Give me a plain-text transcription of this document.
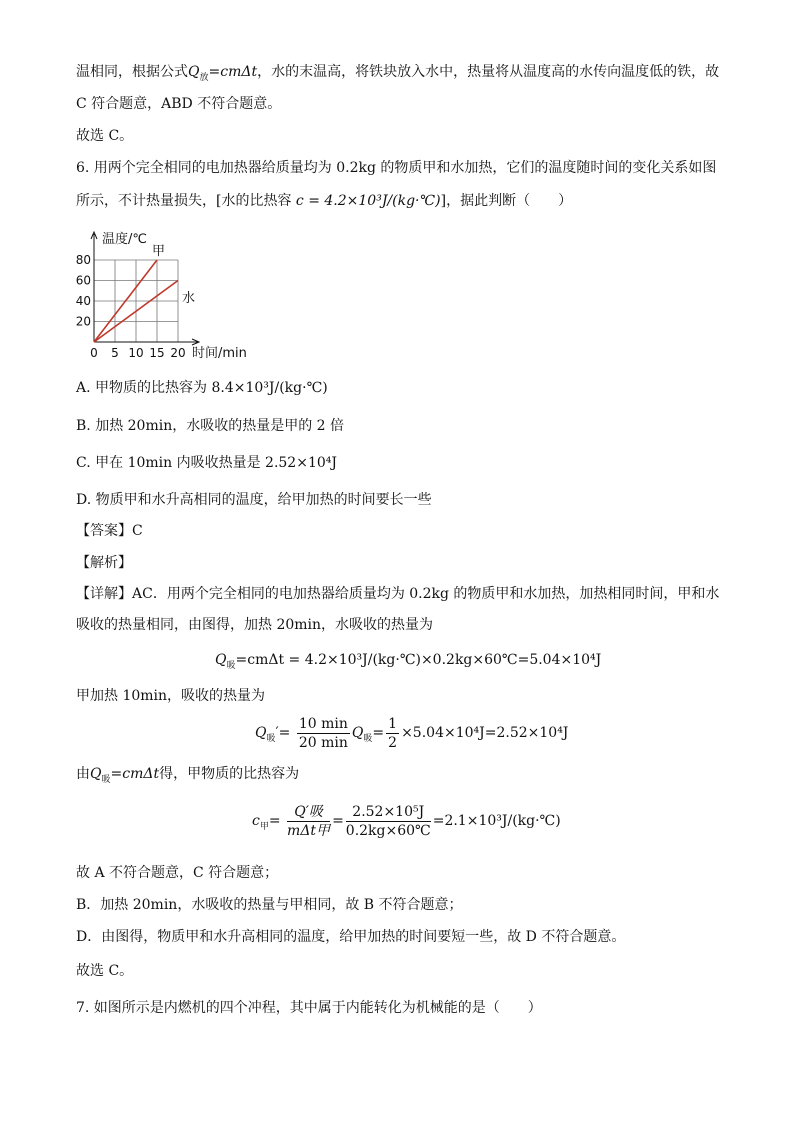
温相同，根据公式$Q_放=cm\Delta t$，水的末温高，将铁块放入水中，热量将从温度高的水传向温度低的铁，故
C 符合题意，ABD 不符合题意。
故选 C。
6. 用两个完全相同的电加热器给质量均为 0.2kg 的物质甲和水加热，它们的温度随时间的变化关系如图
所示，不计热量损失，[水的比热容 c = 4.2×10³J/(kg·℃)]，据此判断（　　）
0 5 10 15 20
20
40
60
80
温度/℃
时间/min
甲
水
A. 甲物质的比热容为 8.4×10³J/(kg·℃)
B. 加热 20min，水吸收的热量是甲的 2 倍
C. 甲在 10min 内吸收热量是 2.52×10⁴J
D. 物质甲和水升高相同的温度，给甲加热的时间要长一些
【答案】C
【解析】
【详解】AC．用两个完全相同的电加热器给质量均为 0.2kg 的物质甲和水加热，加热相同时间，甲和水
吸收的热量相同，由图得，加热 20min，水吸收的热量为
$Q_吸=cm\Delta t$ = 4.2×10³J/(kg·℃)×0.2kg×60℃=5.04×10⁴J
甲加热 10min，吸收的热量为
$Q_吸'= \frac{10 \min}{20 \min} Q_吸= \frac{1}{2} \times 5.04\times 10^4J=2.52\times 10^4J$
由$Q_吸=cm\Delta t$得，甲物质的比热容为
$c_甲= \frac{\text{Q′吸}}{\text{mΔt甲}} = \frac{\text{2.52×10⁵J}}{0.2kg\times 60℃}$ =2.1×10³J/(kg·℃)
故 A 不符合题意，C 符合题意；
B．加热 20min，水吸收的热量与甲相同，故 B 不符合题意；
D．由图得，物质甲和水升高相同的温度，给甲加热的时间要短一些，故 D 不符合题意。
故选 C。
7. 如图所示是内燃机的四个冲程，其中属于内能转化为机械能的是（　　）
